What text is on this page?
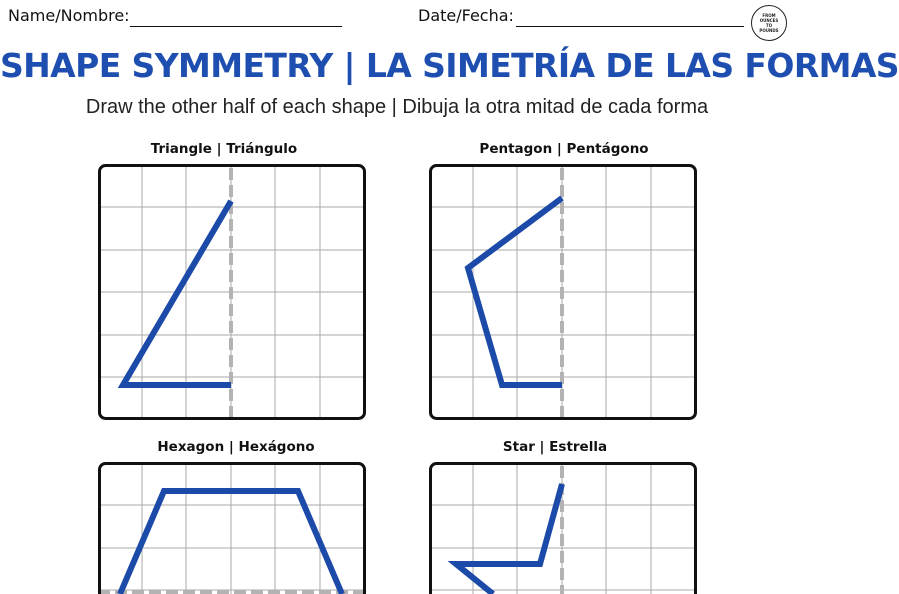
Name/Nombre:	Date/Fecha:	FROM OUNCES TO POUNDS
SHAPE SYMMETRY | LA SIMETRÍA DE LAS FORMAS
Draw the other half of each shape | Dibuja la otra mitad de cada forma
Triangle | Triángulo	Pentagon | Pentágono
Hexagon | Hexágono	Star | Estrella
